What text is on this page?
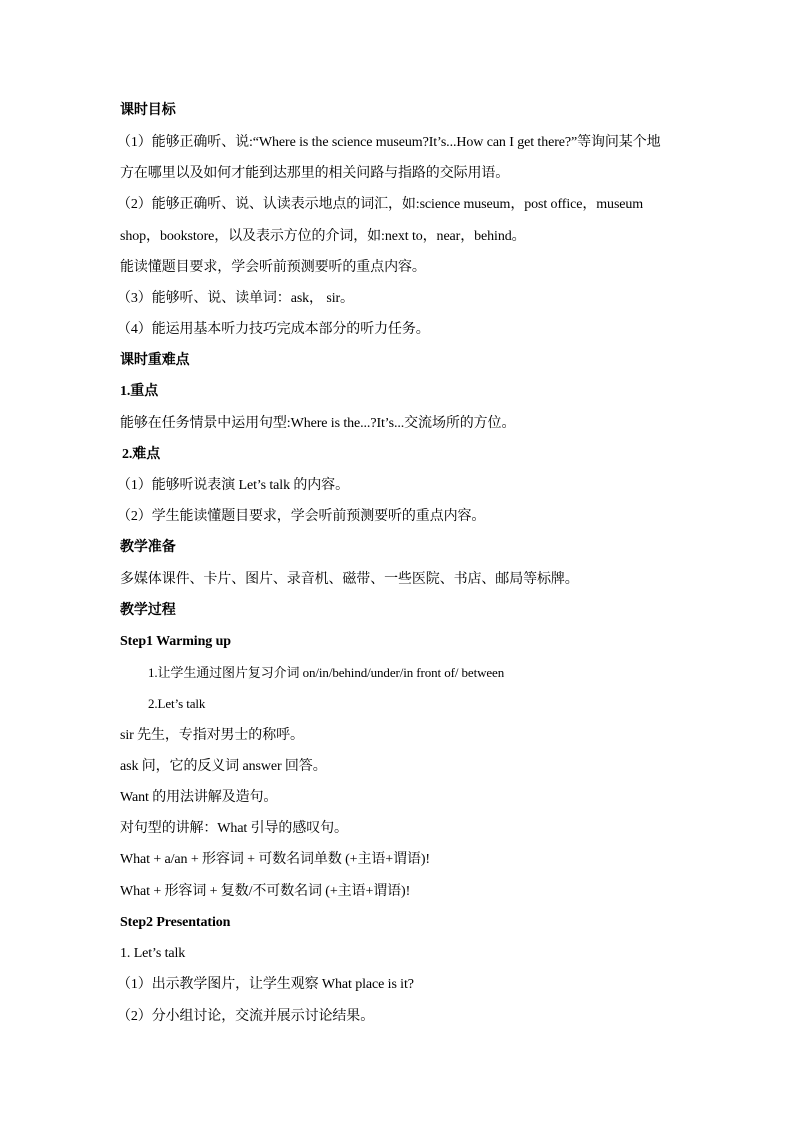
课时目标
（1）能够正确听、说:“Where is the science museum?It’s...How can I get there?”等询问某个地
方在哪里以及如何才能到达那里的相关问路与指路的交际用语。
（2）能够正确听、说、认读表示地点的词汇，如:science museum，post office，museum
shop，bookstore，以及表示方位的介词，如:next to，near，behind。
能读懂题目要求，学会听前预测要听的重点内容。
（3）能够听、说、读单词：ask， sir。
（4）能运用基本听力技巧完成本部分的听力任务。
课时重难点
1.重点
能够在任务情景中运用句型:Where is the...?It’s...交流场所的方位。
2.难点
（1）能够听说表演 Let’s talk 的内容。
（2）学生能读懂题目要求，学会听前预测要听的重点内容。
教学准备
多媒体课件、卡片、图片、录音机、磁带、一些医院、书店、邮局等标牌。
教学过程
Step1 Warming up
1.让学生通过图片复习介词 on/in/behind/under/in front of/ between
2.Let’s talk
sir 先生，专指对男士的称呼。
ask 问，它的反义词 answer 回答。
Want 的用法讲解及造句。
对句型的讲解：What 引导的感叹句。
What + a/an + 形容词 + 可数名词单数 (+主语+谓语)!
What + 形容词 + 复数/不可数名词 (+主语+谓语)!
Step2 Presentation
1. Let’s talk
（1）出示教学图片，让学生观察 What place is it?
（2）分小组讨论，交流并展示讨论结果。
